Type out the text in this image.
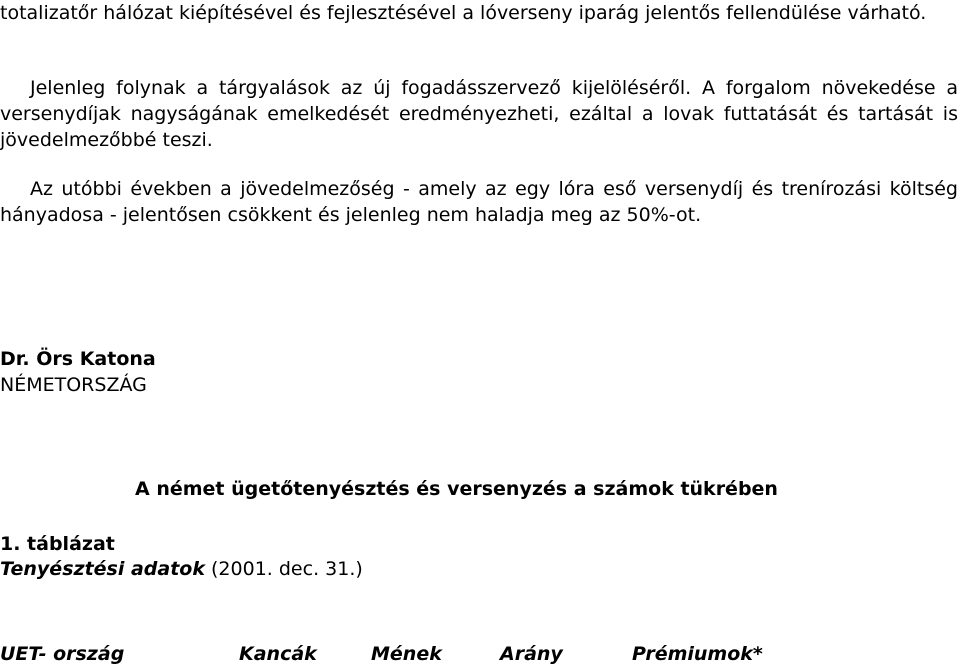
totalizatőr hálózat kiépítésével és fejlesztésével a lóverseny iparág jelentős fellendülése várható.

Jelenleg folynak a tárgyalások az új fogadásszervező kijelöléséről. A forgalom növekedése a versenydíjak nagyságának emelkedését eredményezheti, ezáltal a lovak futtatását és tartását is jövedelmezőbbé teszi.

Az utóbbi években a jövedelmezőség - amely az egy lóra eső versenydíj és trenírozási költség hányadosa - jelentősen csökkent és jelenleg nem haladja meg az 50%-ot.

Dr. Örs Katona

NÉMETORSZÁG

A német ügetőtenyésztés és versenyzés a számok tükrében

1. táblázat

Tenyésztési adatok (2001. dec. 31.)

UET- ország	Kancák	Mének	Arány	Prémiumok*
